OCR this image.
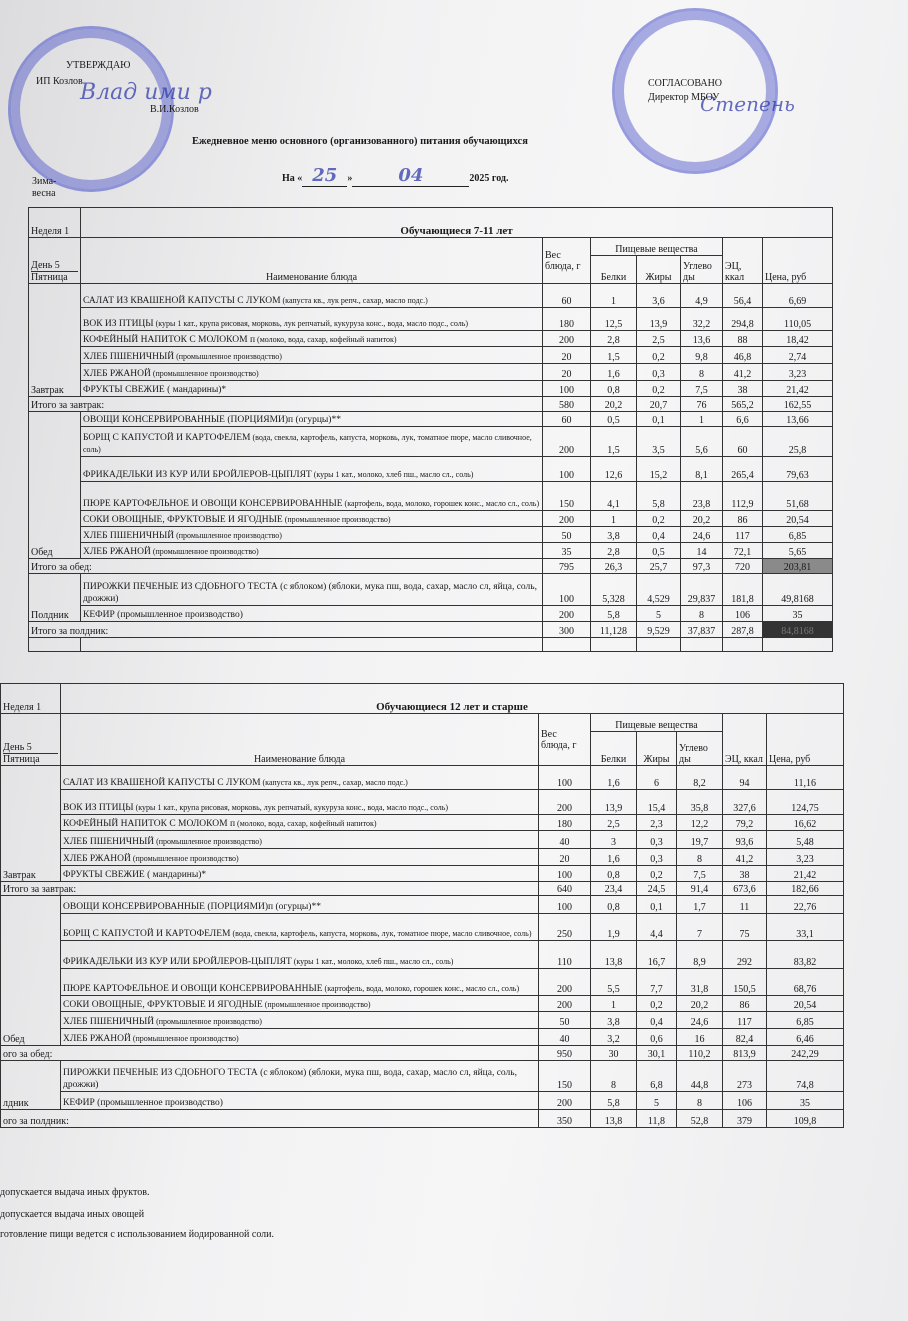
Влад ими р	Степень
УТВЕРЖДАЮ
ИП Козлов
В.И.Козлов
СОГЛАСОВАНО
Директор МБОУ
Ежедневное меню основного (организованного) питания обучающихся
На « 25 »	04	2025 год.
Зима-весна
Неделя 1	Обучающиеся 7-11 лет						

День 5
Пятница	Наименование блюда	Вес блюда, г	Пищевые вещества			ЭЦ, ккал	Цена, руб
			Белки	Жиры	Углево ды		
Завтрак	САЛАТ ИЗ КВАШЕНОЙ КАПУСТЫ С ЛУКОМ (капуста кв., лук репч., сахар, масло подс.)	60	1	3,6	4,9	56,4	6,69
	ВОК ИЗ ПТИЦЫ (куры 1 кат., крупа рисовая, морковь, лук репчатый, кукуруза конс., вода, масло подс., соль)	180	12,5	13,9	32,2	294,8	110,05
	КОФЕЙНЫЙ НАПИТОК С МОЛОКОМ п (молоко, вода, сахар, кофейный напиток)	200	2,8	2,5	13,6	88	18,42
	ХЛЕБ ПШЕНИЧНЫЙ (промышленное производство)	20	1,5	0,2	9,8	46,8	2,74
	ХЛЕБ РЖАНОЙ (промышленное производство)	20	1,6	0,3	8	41,2	3,23
	ФРУКТЫ СВЕЖИЕ ( мандарины)*	100	0,8	0,2	7,5	38	21,42
Итого за завтрак:		580	20,2	20,7	76	565,2	162,55
Обед	ОВОЩИ КОНСЕРВИРОВАННЫЕ (ПОРЦИЯМИ)п (огурцы)**	60	0,5	0,1	1	6,6	13,66
	БОРЩ С КАПУСТОЙ И КАРТОФЕЛЕМ (вода, свекла, картофель, капуста, морковь, лук, томатное пюре, масло сливочное, соль)	200	1,5	3,5	5,6	60	25,8
	ФРИКАДЕЛЬКИ ИЗ КУР ИЛИ БРОЙЛЕРОВ-ЦЫПЛЯТ (куры 1 кат., молоко, хлеб пш., масло сл., соль)	100	12,6	15,2	8,1	265,4	79,63
	ПЮРЕ КАРТОФЕЛЬНОЕ И ОВОЩИ КОНСЕРВИРОВАННЫЕ (картофель, вода, молоко, горошек конс., масло сл., соль)	150	4,1	5,8	23,8	112,9	51,68
	СОКИ ОВОЩНЫЕ, ФРУКТОВЫЕ И ЯГОДНЫЕ (промышленное производство)	200	1	0,2	20,2	86	20,54
	ХЛЕБ ПШЕНИЧНЫЙ (промышленное производство)	50	3,8	0,4	24,6	117	6,85
	ХЛЕБ РЖАНОЙ (промышленное производство)	35	2,8	0,5	14	72,1	5,65
Итого за обед:		795	26,3	25,7	97,3	720	203,81
Полдник	ПИРОЖКИ ПЕЧЕНЫЕ ИЗ СДОБНОГО ТЕСТА (с яблоком) (яблоки, мука пш, вода, сахар, масло сл, яйца, соль, дрожжи)	100	5,328	4,529	29,837	181,8	49,8168
	КЕФИР (промышленное производство)	200	5,8	5	8	106	35
Итого за полдник:		300	11,128	9,529	37,837	287,8	84,8168

Неделя 1	Обучающиеся 12 лет и старше						

День 5
Пятница	Наименование блюда	Вес блюда, г	Пищевые вещества			ЭЦ, ккал	Цена, руб
			Белки	Жиры	Углево ды		
Завтрак	САЛАТ ИЗ КВАШЕНОЙ КАПУСТЫ С ЛУКОМ (капуста кв., лук репч., сахар, масло подс.)	100	1,6	6	8,2	94	11,16
	ВОК ИЗ ПТИЦЫ (куры 1 кат., крупа рисовая, морковь, лук репчатый, кукуруза конс., вода, масло подс., соль)	200	13,9	15,4	35,8	327,6	124,75
	КОФЕЙНЫЙ НАПИТОК С МОЛОКОМ п (молоко, вода, сахар, кофейный напиток)	180	2,5	2,3	12,2	79,2	16,62
	ХЛЕБ ПШЕНИЧНЫЙ (промышленное производство)	40	3	0,3	19,7	93,6	5,48
	ХЛЕБ РЖАНОЙ (промышленное производство)	20	1,6	0,3	8	41,2	3,23
	ФРУКТЫ СВЕЖИЕ ( мандарины)*	100	0,8	0,2	7,5	38	21,42
Итого за завтрак:		640	23,4	24,5	91,4	673,6	182,66
Обед	ОВОЩИ КОНСЕРВИРОВАННЫЕ (ПОРЦИЯМИ)п (огурцы)**	100	0,8	0,1	1,7	11	22,76
	БОРЩ С КАПУСТОЙ И КАРТОФЕЛЕМ (вода, свекла, картофель, капуста, морковь, лук, томатное пюре, масло сливочное, соль)	250	1,9	4,4	7	75	33,1
	ФРИКАДЕЛЬКИ ИЗ КУР ИЛИ БРОЙЛЕРОВ-ЦЫПЛЯТ (куры 1 кат., молоко, хлеб пш., масло сл., соль)	110	13,8	16,7	8,9	292	83,82
	ПЮРЕ КАРТОФЕЛЬНОЕ И ОВОЩИ КОНСЕРВИРОВАННЫЕ (картофель, вода, молоко, горошек конс., масло сл., соль)	200	5,5	7,7	31,8	150,5	68,76
	СОКИ ОВОЩНЫЕ, ФРУКТОВЫЕ И ЯГОДНЫЕ (промышленное производство)	200	1	0,2	20,2	86	20,54
	ХЛЕБ ПШЕНИЧНЫЙ (промышленное производство)	50	3,8	0,4	24,6	117	6,85
	ХЛЕБ РЖАНОЙ (промышленное производство)	40	3,2	0,6	16	82,4	6,46
ого за обед:		950	30	30,1	110,2	813,9	242,29
лдник	ПИРОЖКИ ПЕЧЕНЫЕ ИЗ СДОБНОГО ТЕСТА (с яблоком) (яблоки, мука пш, вода, сахар, масло сл, яйца, соль, дрожжи)	150	8	6,8	44,8	273	74,8
	КЕФИР (промышленное производство)	200	5,8	5	8	106	35
ого за полдник:		350	13,8	11,8	52,8	379	109,8
допускается выдача иных фруктов.
допускается выдача иных овощей
готовление пищи ведется с использованием йодированной соли.
